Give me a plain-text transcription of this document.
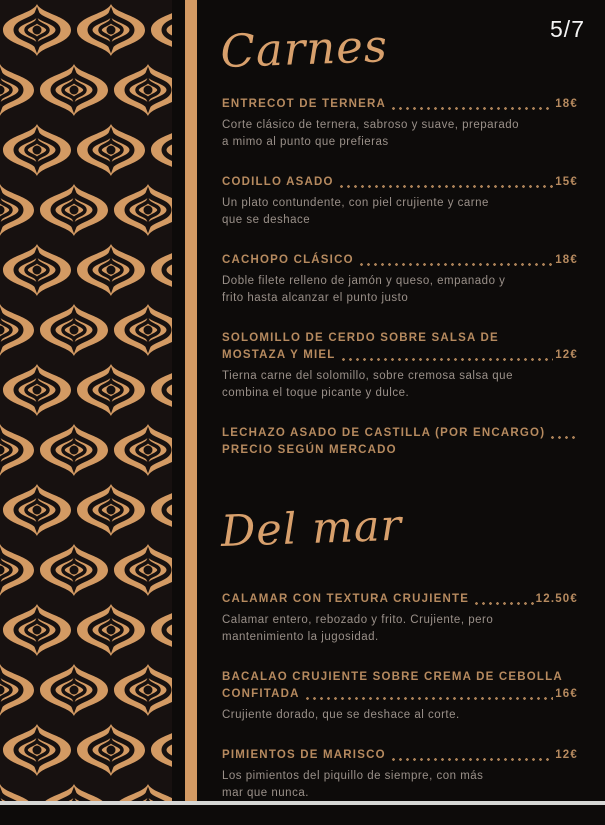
5/7
Carnes
ENTRECOT DE TERNERA	18€
Corte clásico de ternera, sabroso y suave, preparado
a mimo al punto que prefieras
CODILLO ASADO	15€
Un plato contundente, con piel crujiente y carne
que se deshace
CACHOPO CLÁSICO	18€
Doble filete relleno de jamón y queso, empanado y
frito hasta alcanzar el punto justo
SOLOMILLO DE CERDO SOBRE SALSA DE
MOSTAZA Y MIEL	12€
Tierna carne del solomillo, sobre cremosa salsa que
combina el toque picante y dulce.
LECHAZO ASADO DE CASTILLA (POR ENCARGO)
PRECIO SEGÚN MERCADO
Del mar
CALAMAR CON TEXTURA CRUJIENTE	12.50€
Calamar entero, rebozado y frito. Crujiente, pero
mantenimiento la jugosidad.
BACALAO CRUJIENTE SOBRE CREMA DE CEBOLLA
CONFITADA	16€
Crujiente dorado, que se deshace al corte.
PIMIENTOS DE MARISCO	12€
Los pimientos del piquillo de siempre, con más
mar que nunca.
